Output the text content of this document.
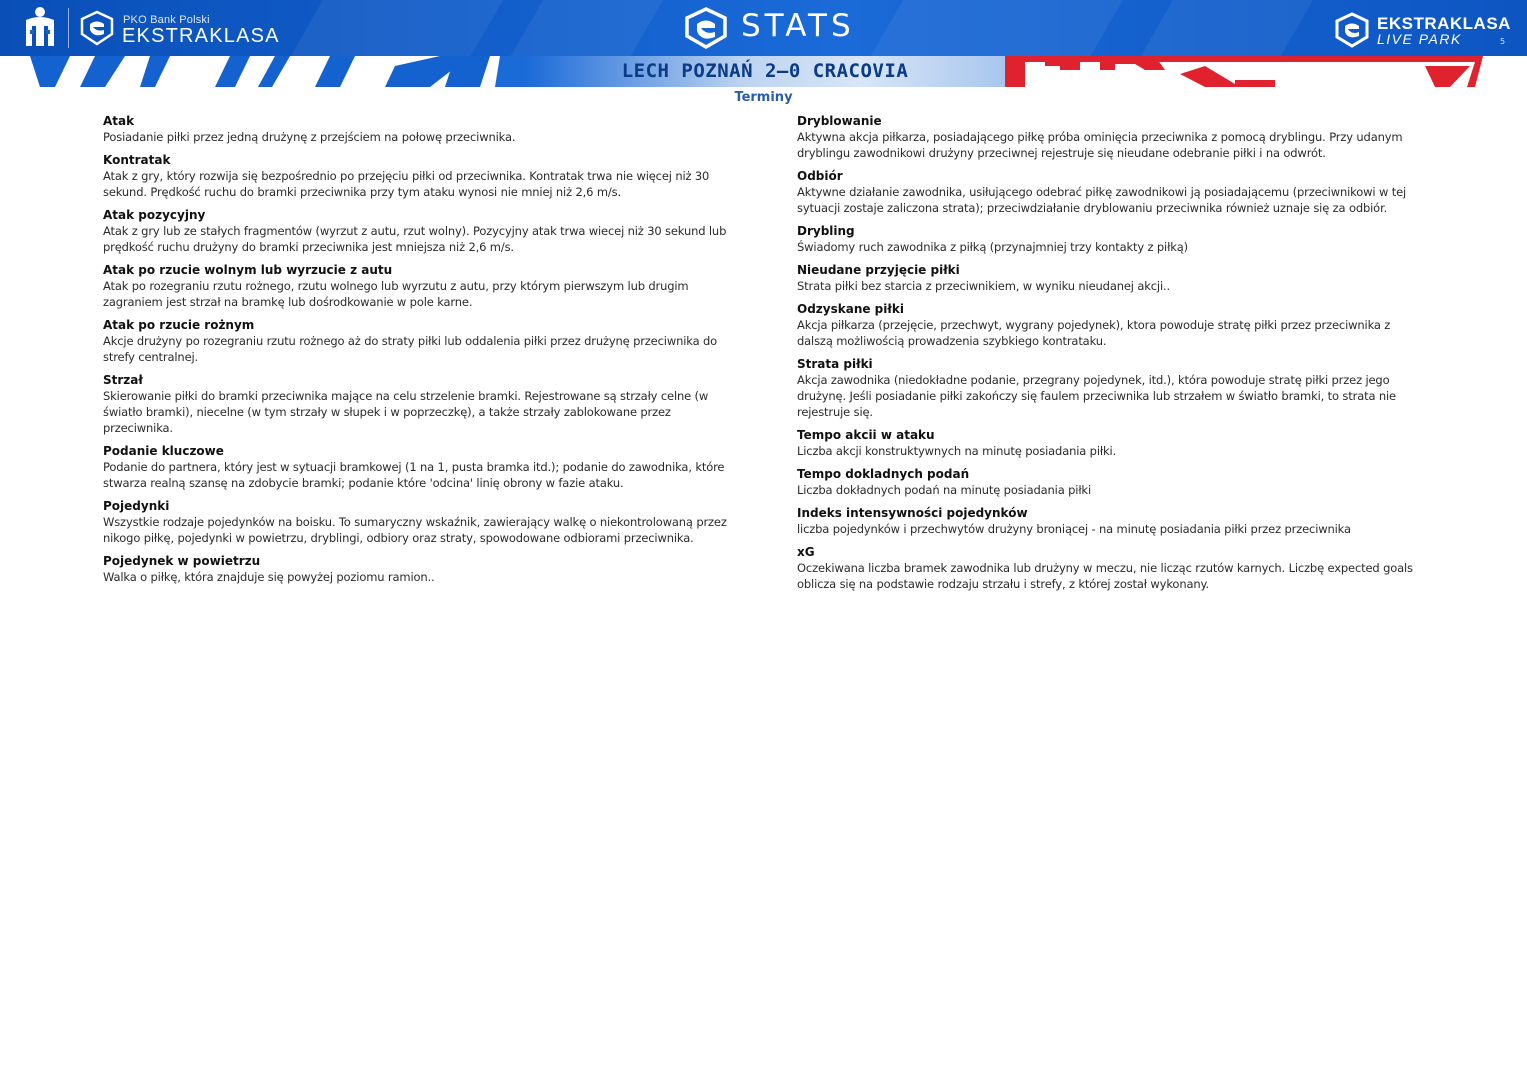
PKO Bank Polski
EKSTRAKLASA	STATS	EKSTRAKLASA
LIVE PARK	5
LECH POZNAŃ 2–0 CRACOVIA
Terminy
Atak
Posiadanie piłki przez jedną drużynę z przejściem na połowę przeciwnika.
Kontratak
Atak z gry, który rozwija się bezpośrednio po przejęciu piłki od przeciwnika. Kontratak trwa nie więcej niż 30 sekund. Prędkość ruchu do bramki przeciwnika przy tym ataku wynosi nie mniej niż 2,6 m/s.
Atak pozycyjny
Atak z gry lub ze stałych fragmentów (wyrzut z autu, rzut wolny). Pozycyjny atak trwa wiecej niż 30 sekund lub prędkość ruchu drużyny do bramki przeciwnika jest mniejsza niż 2,6 m/s.
Atak po rzucie wolnym lub wyrzucie z autu
Atak po rozegraniu rzutu rożnego, rzutu wolnego lub wyrzutu z autu, przy którym pierwszym lub drugim zagraniem jest strzał na bramkę lub dośrodkowanie w pole karne.
Atak po rzucie rożnym
Akcje drużyny po rozegraniu rzutu rożnego aż do straty piłki lub oddalenia piłki przez drużynę przeciwnika do strefy centralnej.
Strzał
Skierowanie piłki do bramki przeciwnika mające na celu strzelenie bramki. Rejestrowane są strzały celne (w światło bramki), niecelne (w tym strzały w słupek i w poprzeczkę), a także strzały zablokowane przez przeciwnika.
Podanie kluczowe
Podanie do partnera, który jest w sytuacji bramkowej (1 na 1, pusta bramka itd.); podanie do zawodnika, które stwarza realną szansę na zdobycie bramki; podanie które 'odcina' linię obrony w fazie ataku.
Pojedynki
Wszystkie rodzaje pojedynków na boisku. To sumaryczny wskaźnik, zawierający walkę o niekontrolowaną przez nikogo piłkę, pojedynki w powietrzu, dryblingi, odbiory oraz straty, spowodowane odbiorami przeciwnika.
Pojedynek w powietrzu
Walka o piłkę, która znajduje się powyżej poziomu ramion..
Dryblowanie
Aktywna akcja piłkarza, posiadającego piłkę próba ominięcia przeciwnika z pomocą dryblingu. Przy udanym dryblingu zawodnikowi drużyny przeciwnej rejestruje się nieudane odebranie piłki i na odwrót.
Odbiór
Aktywne działanie zawodnika, usiłującego odebrać piłkę zawodnikowi ją posiadającemu (przeciwnikowi w tej sytuacji zostaje zaliczona strata); przeciwdziałanie dryblowaniu przeciwnika również uznaje się za odbiór.
Drybling
Świadomy ruch zawodnika z piłką (przynajmniej trzy kontakty z piłką)
Nieudane przyjęcie piłki
Strata piłki bez starcia z przeciwnikiem, w wyniku nieudanej akcji..
Odzyskane piłki
Akcja piłkarza (przejęcie, przechwyt, wygrany pojedynek), ktora powoduje stratę piłki przez przeciwnika z dalszą możliwością prowadzenia szybkiego kontrataku.
Strata piłki
Akcja zawodnika (niedokładne podanie, przegrany pojedynek, itd.), która powoduje stratę piłki przez jego drużynę. Jeśli posiadanie piłki zakończy się faulem przeciwnika lub strzałem w światło bramki, to strata nie rejestruje się.
Tempo akcii w ataku
Liczba akcji konstruktywnych na minutę posiadania piłki.
Tempo dokladnych podań
Liczba dokładnych podań na minutę posiadania piłki
Indeks intensywności pojedynków
liczba pojedynków i przechwytów drużyny broniącej - na minutę posiadania piłki przez przeciwnika
xG
Oczekiwana liczba bramek zawodnika lub drużyny w meczu, nie licząc rzutów karnych. Liczbę expected goals oblicza się na podstawie rodzaju strzału i strefy, z której został wykonany.
